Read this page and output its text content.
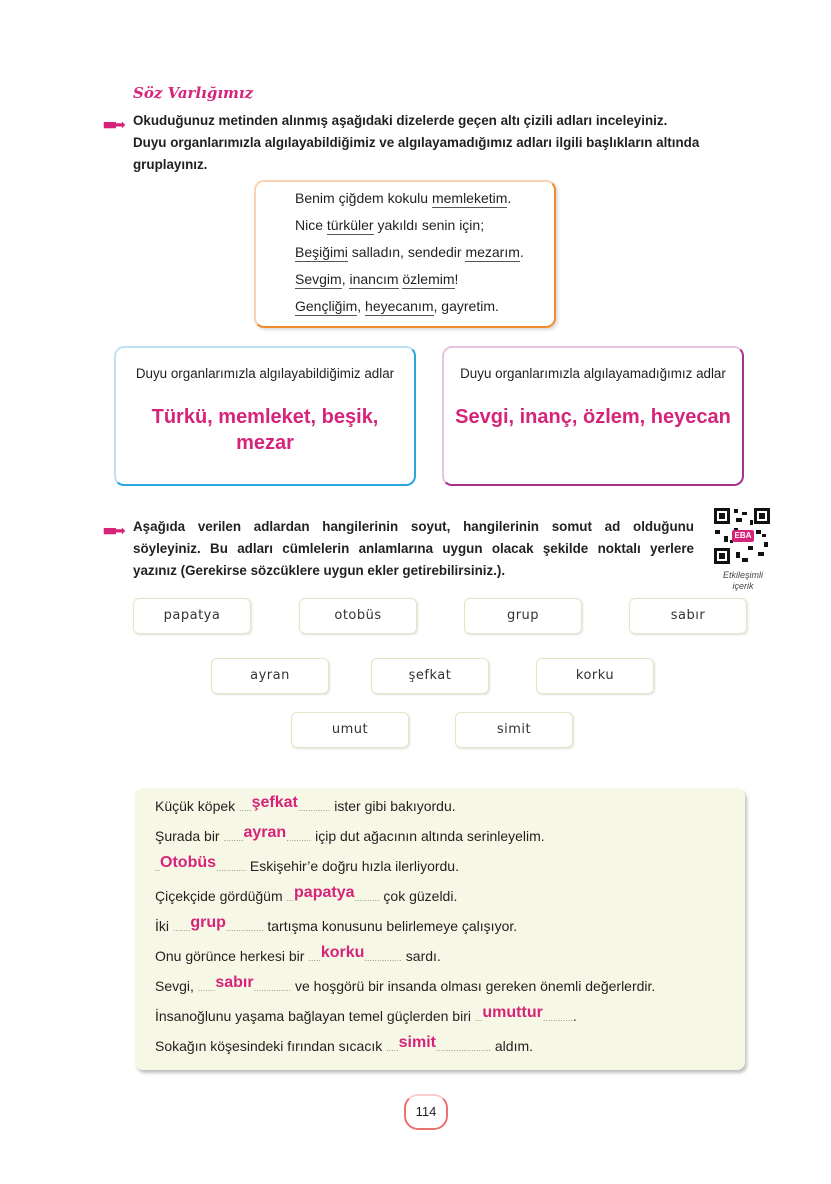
Söz Varlığımız
■■➡ Okuduğunuz metinden alınmış aşağıdaki dizelerde geçen altı çizili adları inceleyiniz.
Duyu organlarımızla algılayabildiğimiz ve algılayamadığımız adları ilgili başlıkların altında
gruplayınız.
Benim çiğdem kokulu memleketim.
Nice türküler yakıldı senin için;
Beşiğimi salladın, sendedir mezarım.
Sevgim, inancım özlemim!
Gençliğim, heyecanım, gayretim.
Duyu organlarımızla algılayabildiğimiz adlar
Türkü, memleket, beşik,
mezar
Duyu organlarımızla algılayamadığımız adlar
Sevgi, inanç, özlem, heyecan
■■➡ Aşağıda verilen adlardan hangilerinin soyut, hangilerinin somut ad olduğunu
söyleyiniz. Bu adları cümlelerin anlamlarına uygun olacak şekilde noktalı yerlere
yazınız (Gerekirse sözcüklere uygun ekler getirebilirsiniz.).
EBA
Etkileşimli
içerik
papatya	otobüs	grup	sabır
ayran	şefkat	korku
umut	simit
Küçük köpek .....şefkat............. ister gibi bakıyordu.
Şurada bir ........ayran.......... içip dut ağacının altında serinleyelim.
..Otobüs............ Eskişehir’e doğru hızla ilerliyordu.
Çiçekçide gördüğüm ...papatya.......... çok güzeldi.
İki .......grup............... tartışma konusunu belirlemeye çalışıyor.
Onu görünce herkesi bir .....korku............... sardı.
Sevgi, .......sabır............... ve hoşgörü bir insanda olması gereken önemli değerlerdir.
İnsanoğlunu yaşama bağlayan temel güçlerden biri ...umuttur.............
Sokağın köşesindeki fırından sıcacık .....simit...................... aldım.
114
